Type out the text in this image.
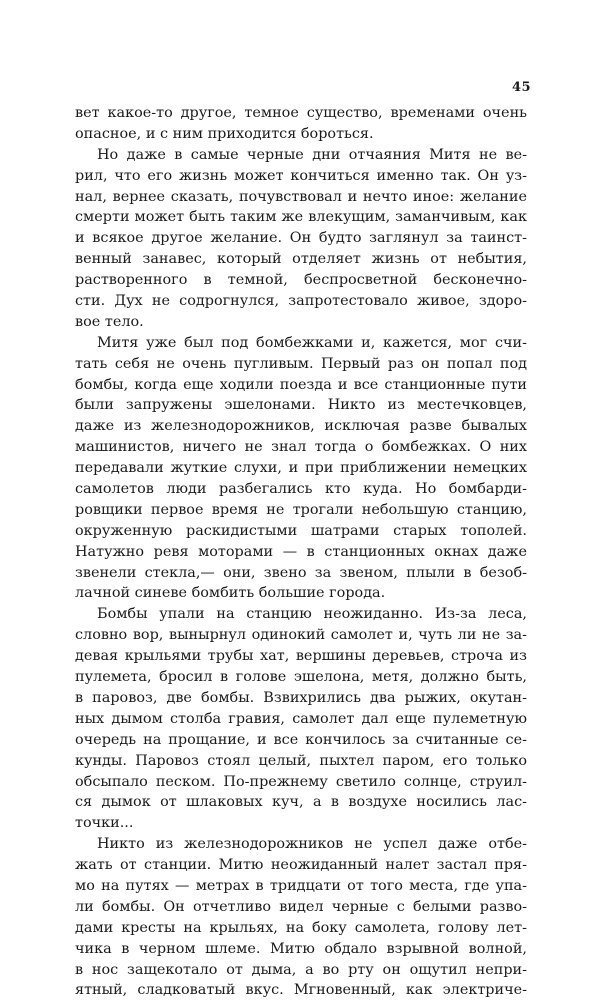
45
вет какое-то другое, темное существо, временами очень
опасное, и с ним приходится бороться.
Но даже в самые черные дни отчаяния Митя не ве-
рил, что его жизнь может кончиться именно так. Он уз-
нал, вернее сказать, почувствовал и нечто иное: желание
смерти может быть таким же влекущим, заманчивым, как
и всякое другое желание. Он будто заглянул за таинст-
венный занавес, который отделяет жизнь от небытия,
растворенного в темной, беспросветной бесконечно-
сти. Дух не содрогнулся, запротестовало живое, здоро-
вое тело.
Митя уже был под бомбежками и, кажется, мог счи-
тать себя не очень пугливым. Первый раз он попал под
бомбы, когда еще ходили поезда и все станционные пути
были запружены эшелонами. Никто из местечковцев,
даже из железнодорожников, исключая разве бывалых
машинистов, ничего не знал тогда о бомбежках. О них
передавали жуткие слухи, и при приближении немецких
самолетов люди разбегались кто куда. Но бомбарди-
ровщики первое время не трогали небольшую станцию,
окруженную раскидистыми шатрами старых тополей.
Натужно ревя моторами — в станционных окнах даже
звенели стекла,— они, звено за звеном, плыли в безоб-
лачной синеве бомбить большие города.
Бомбы упали на станцию неожиданно. Из-за леса,
словно вор, вынырнул одинокий самолет и, чуть ли не за-
девая крыльями трубы хат, вершины деревьев, строча из
пулемета, бросил в голове эшелона, метя, должно быть,
в паровоз, две бомбы. Взвихрились два рыжих, окутан-
ных дымом столба гравия, самолет дал еще пулеметную
очередь на прощание, и все кончилось за считанные се-
кунды. Паровоз стоял целый, пыхтел паром, его только
обсыпало песком. По-прежнему светило солнце, струил-
ся дымок от шлаковых куч, а в воздухе носились лас-
точки...
Никто из железнодорожников не успел даже отбе-
жать от станции. Митю неожиданный налет застал пря-
мо на путях — метрах в тридцати от того места, где упа-
ли бомбы. Он отчетливо видел черные с белыми разво-
дами кресты на крыльях, на боку самолета, голову лет-
чика в черном шлеме. Митю обдало взрывной волной,
в нос защекотало от дыма, а во рту он ощутил непри-
ятный, сладковатый вкус. Мгновенный, как электриче-
